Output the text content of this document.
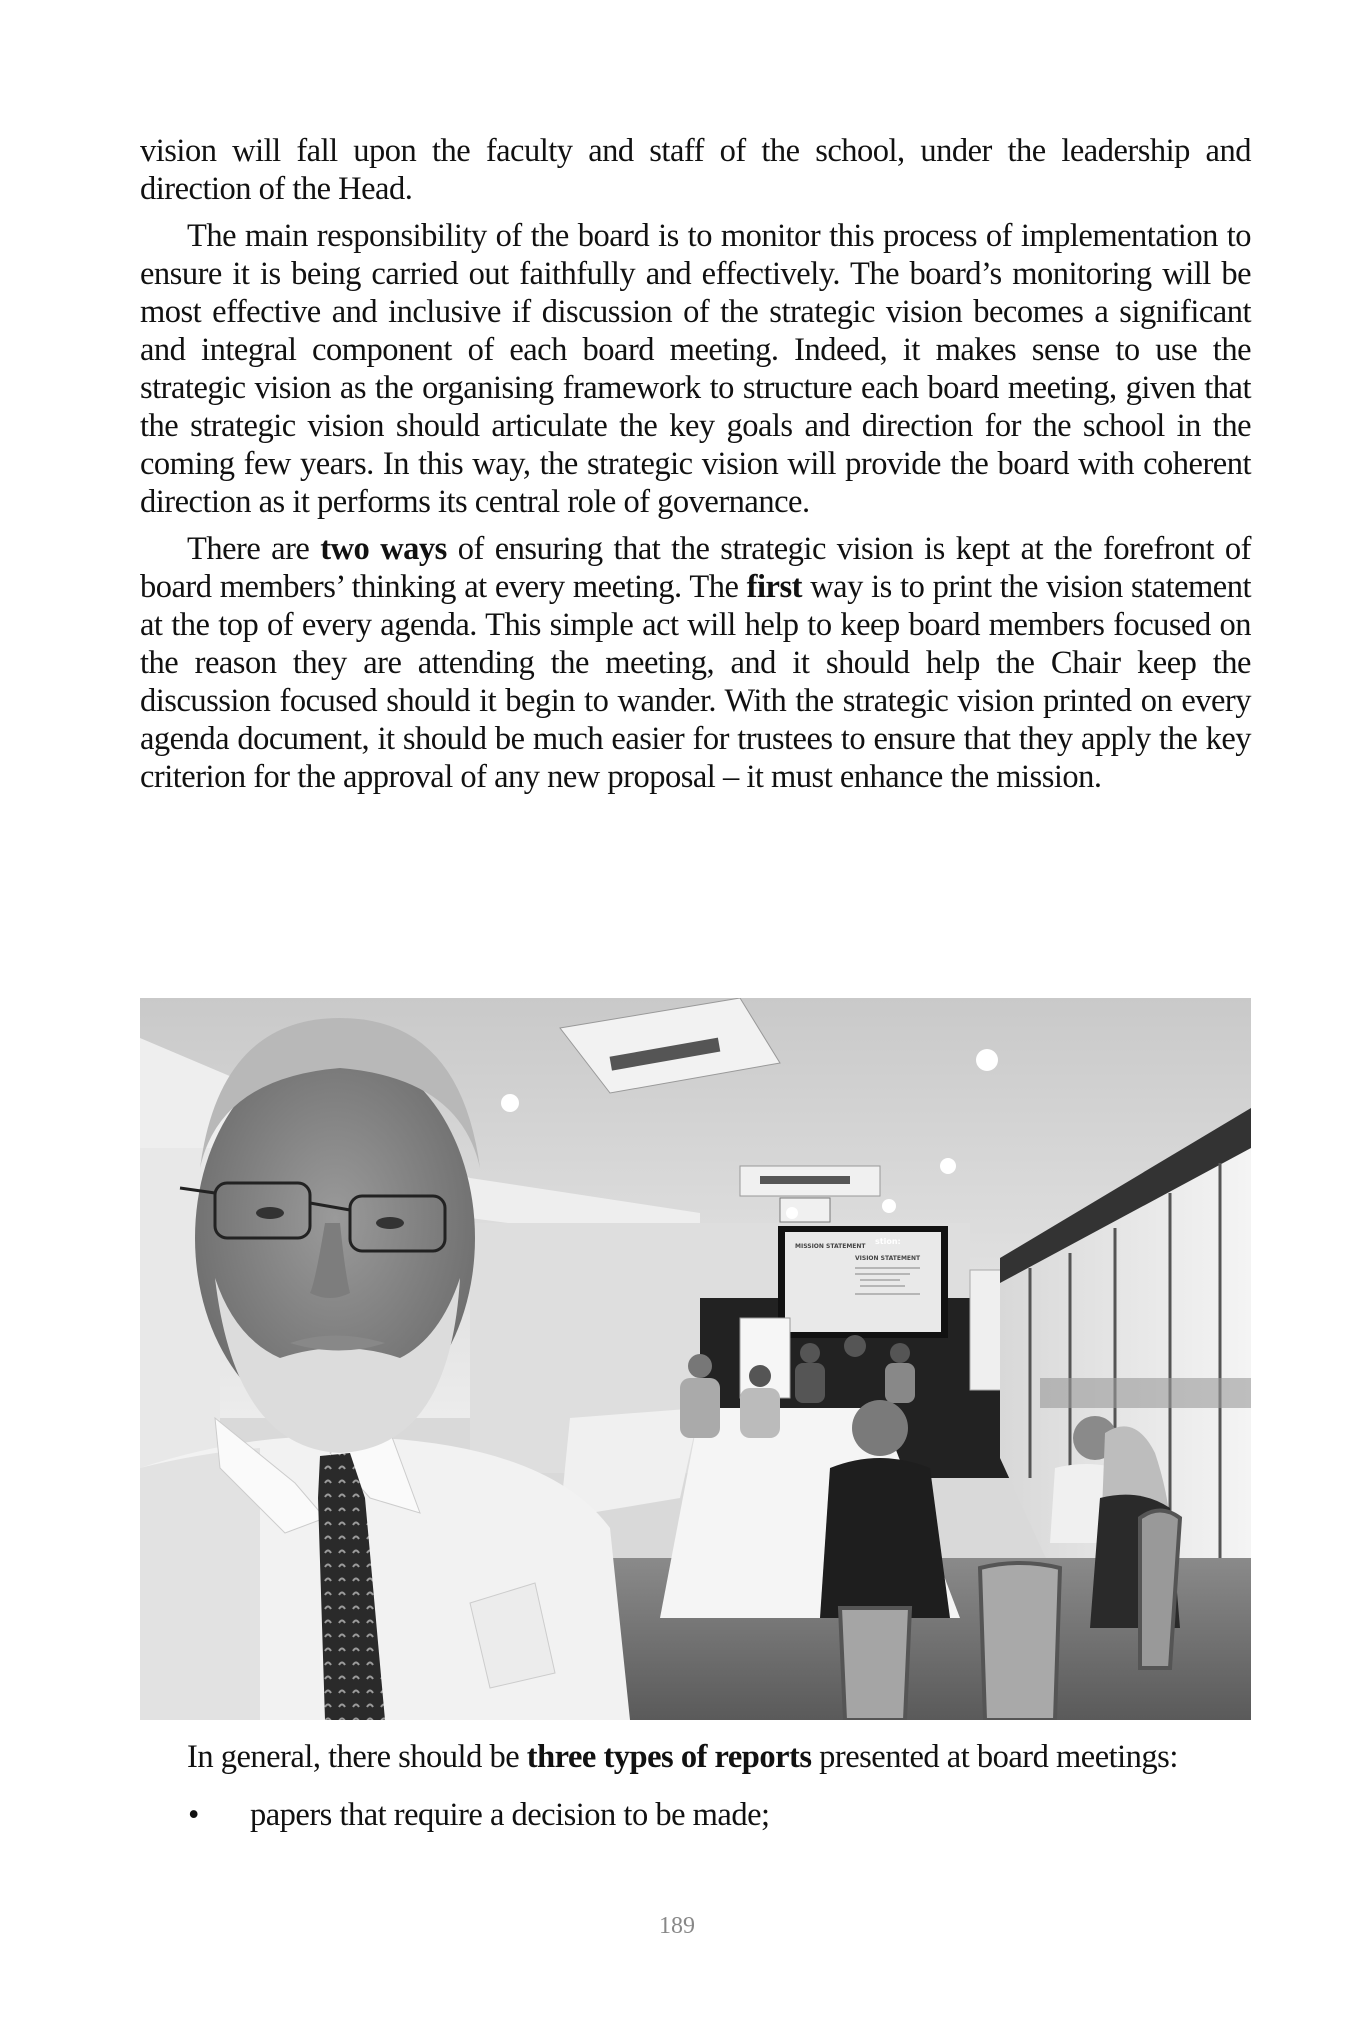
vision will fall upon the faculty and staff of the school, under the leadership and direction of the Head.

The main responsibility of the board is to monitor this process of implementation to ensure it is being carried out faithfully and effectively. The board’s monitoring will be most effective and inclusive if discussion of the strategic vision becomes a significant and integral component of each board meeting. Indeed, it makes sense to use the strategic vision as the organising framework to structure each board meeting, given that the strategic vision should articulate the key goals and direction for the school in the coming few years. In this way, the strategic vision will provide the board with coherent direction as it performs its central role of governance.

There are two ways of ensuring that the strategic vision is kept at the forefront of board members’ thinking at every meeting. The first way is to print the vision statement at the top of every agenda. This simple act will help to keep board members focused on the reason they are attending the meeting, and it should help the Chair keep the discussion focused should it begin to wander. With the strategic vision printed on every agenda document, it should be much easier for trustees to ensure that they apply the key criterion for the approval of any new proposal – it must enhance the mission.

MISSION STATEMENT
stion:
VISION STATEMENT

In general, there should be three types of reports presented at board meetings:

• papers that require a decision to be made;
189
